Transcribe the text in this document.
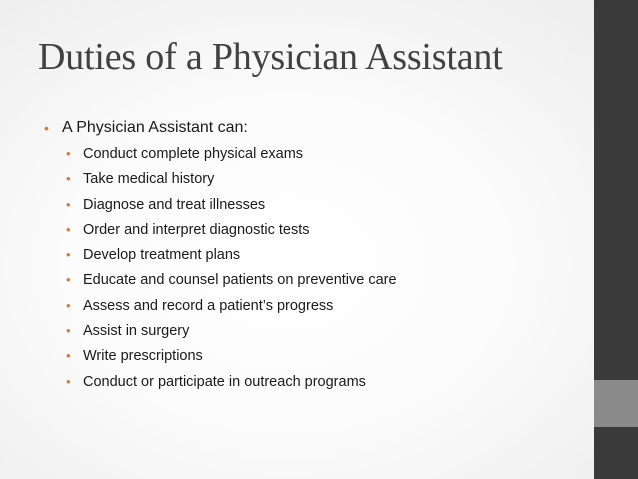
Duties of a Physician Assistant
• A Physician Assistant can:
• Conduct complete physical exams
• Take medical history
• Diagnose and treat illnesses
• Order and interpret diagnostic tests
• Develop treatment plans
• Educate and counsel patients on preventive care
• Assess and record a patient’s progress
• Assist in surgery
• Write prescriptions
• Conduct or participate in outreach programs
